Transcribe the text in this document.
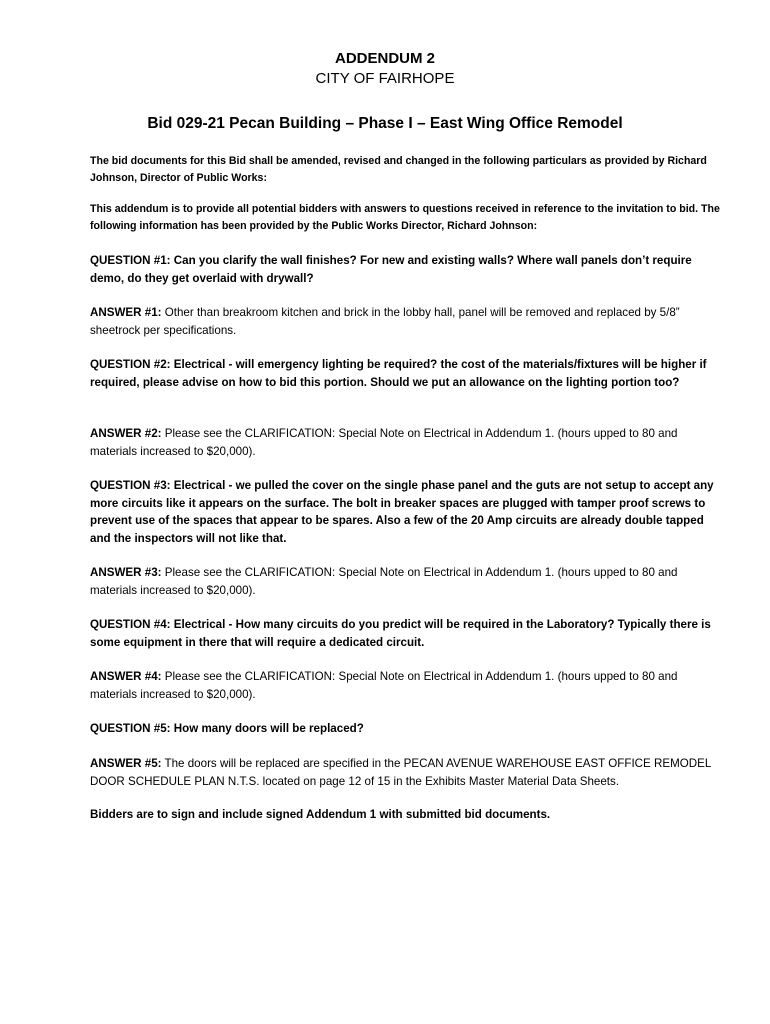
ADDENDUM 2
CITY OF FAIRHOPE
Bid 029-21 Pecan Building – Phase I – East Wing Office Remodel
The bid documents for this Bid shall be amended, revised and changed in the following particulars as provided by Richard Johnson, Director of Public Works:
This addendum is to provide all potential bidders with answers to questions received in reference to the invitation to bid. The following information has been provided by the Public Works Director, Richard Johnson:
QUESTION #1: Can you clarify the wall finishes? For new and existing walls? Where wall panels don’t require demo, do they get overlaid with drywall?
ANSWER #1: Other than breakroom kitchen and brick in the lobby hall, panel will be removed and replaced by 5/8” sheetrock per specifications.
QUESTION #2: Electrical - will emergency lighting be required? the cost of the materials/fixtures will be higher if required, please advise on how to bid this portion. Should we put an allowance on the lighting portion too?
ANSWER #2: Please see the CLARIFICATION: Special Note on Electrical in Addendum 1. (hours upped to 80 and materials increased to $20,000).
QUESTION #3: Electrical - we pulled the cover on the single phase panel and the guts are not setup to accept any more circuits like it appears on the surface. The bolt in breaker spaces are plugged with tamper proof screws to prevent use of the spaces that appear to be spares. Also a few of the 20 Amp circuits are already double tapped and the inspectors will not like that.
ANSWER #3: Please see the CLARIFICATION: Special Note on Electrical in Addendum 1. (hours upped to 80 and materials increased to $20,000).
QUESTION #4: Electrical - How many circuits do you predict will be required in the Laboratory? Typically there is some equipment in there that will require a dedicated circuit.
ANSWER #4: Please see the CLARIFICATION: Special Note on Electrical in Addendum 1. (hours upped to 80 and materials increased to $20,000).
QUESTION #5: How many doors will be replaced?
ANSWER #5: The doors will be replaced are specified in the PECAN AVENUE WAREHOUSE EAST OFFICE REMODEL DOOR SCHEDULE PLAN N.T.S. located on page 12 of 15 in the Exhibits Master Material Data Sheets.
Bidders are to sign and include signed Addendum 1 with submitted bid documents.
